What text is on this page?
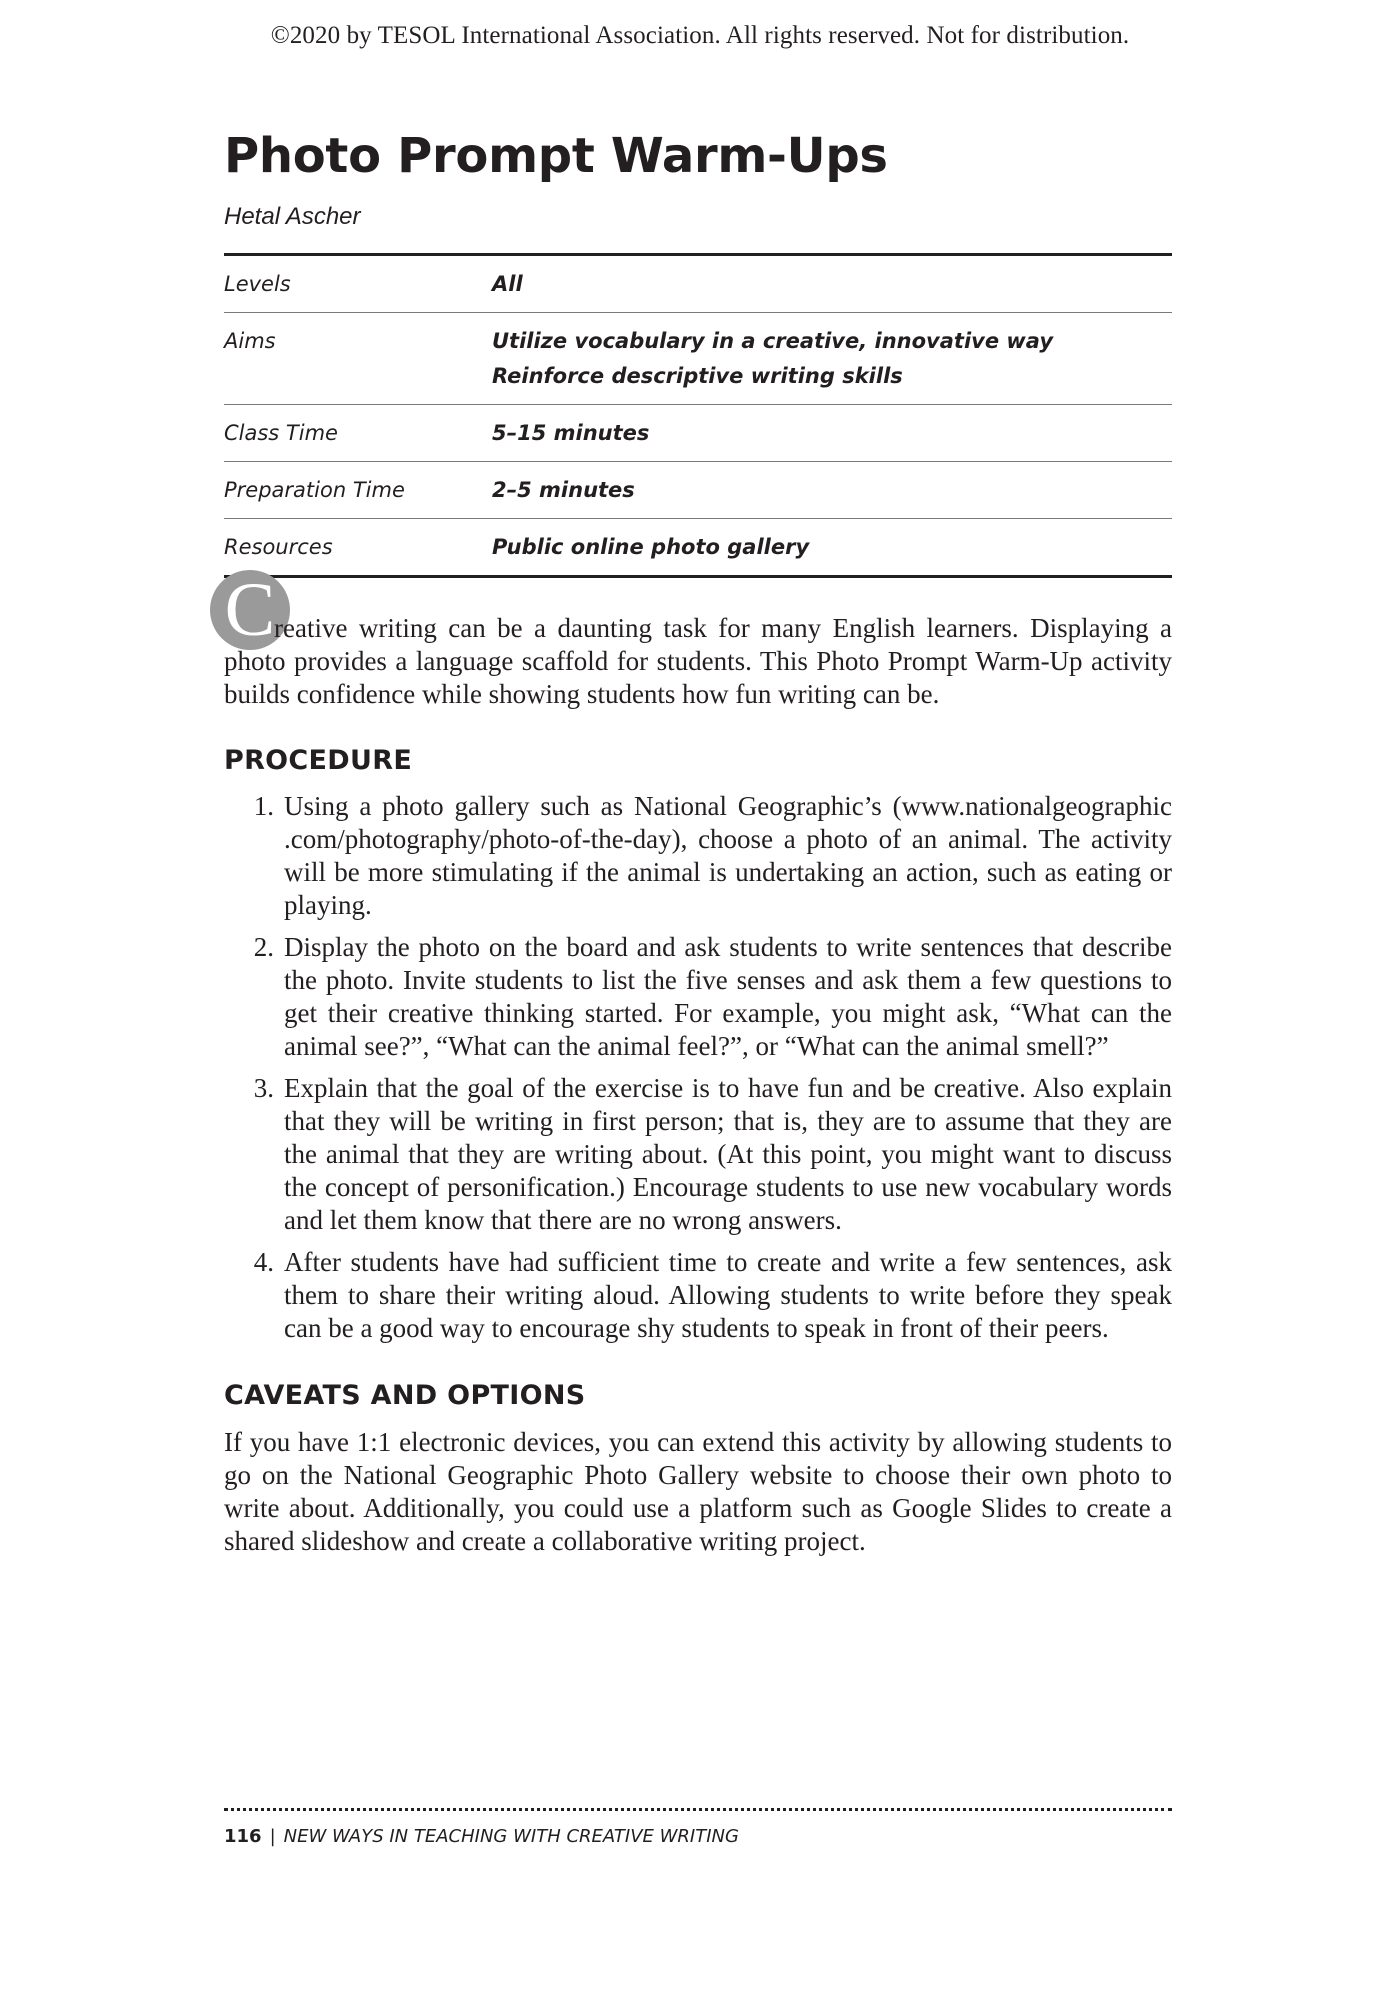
©2020 by TESOL International Association. All rights reserved. Not for distribution.
Photo Prompt Warm-Ups
Hetal Ascher
Levels	All
Aims	Utilize vocabulary in a creative, innovative way
Reinforce descriptive writing skills
Class Time	5–15 minutes
Preparation Time	2–5 minutes
Resources	Public online photo gallery
C

reative writing can be a daunting task for many English learners. Displaying a photo provides a language scaffold for students. This Photo Prompt Warm-Up activity builds confidence while showing students how fun writing can be.

PROCEDURE
1. Using a photo gallery such as National Geographic’s (www.nationalgeographic .com/photography/photo-of-the-day), choose a photo of an animal. The activity will be more stimulating if the animal is undertaking an action, such as eating or playing.
2. Display the photo on the board and ask students to write sentences that describe the photo. Invite students to list the five senses and ask them a few questions to get their creative thinking started. For example, you might ask, “What can the animal see?”, “What can the animal feel?”, or “What can the animal smell?”
3. Explain that the goal of the exercise is to have fun and be creative. Also explain that they will be writing in first person; that is, they are to assume that they are the animal that they are writing about. (At this point, you might want to discuss the concept of personification.) Encourage students to use new vocabulary words and let them know that there are no wrong answers.
4. After students have had sufficient time to create and write a few sentences, ask them to share their writing aloud. Allowing students to write before they speak can be a good way to encourage shy students to speak in front of their peers.
CAVEATS AND OPTIONS

If you have 1:1 electronic devices, you can extend this activity by allowing students to go on the National Geographic Photo Gallery website to choose their own photo to write about. Additionally, you could use a platform such as Google Slides to create a shared slideshow and create a collaborative writing project.

116 | NEW WAYS IN TEACHING WITH CREATIVE WRITING
